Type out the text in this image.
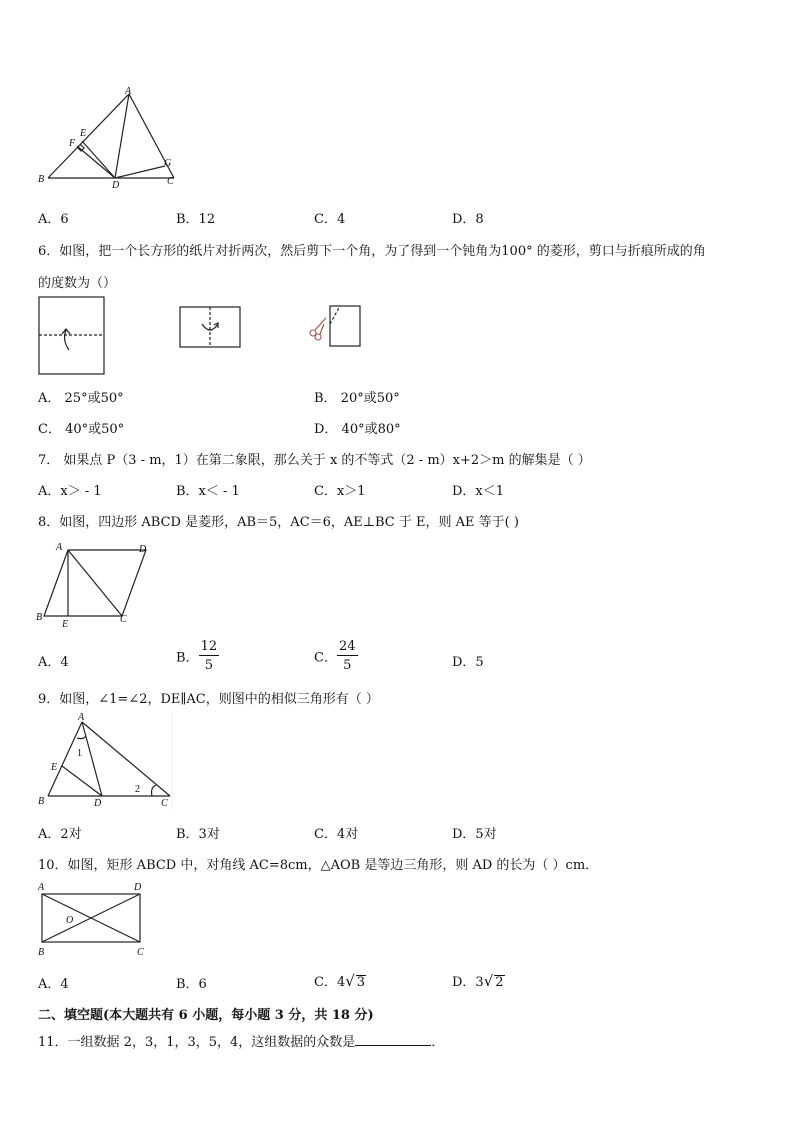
A
B	C
D
E
F
G
A．6	B．12	C．4	D．8
6．如图，把一个长方形的纸片对折两次，然后剪下一个角，为了得到一个钝角为100° 的菱形，剪口与折痕所成的角
的度数为（）
A． 25°或50°	B． 20°或50°
C． 40°或50°	D． 40°或80°
7． 如果点 P（3 - m，1）在第二象限，那么关于 x 的不等式（2 - m）x+2＞m 的解集是（ ）
A．x＞ - 1	B．x＜ - 1	C．x＞1	D．x＜1
8．如图，四边形 ABCD 是菱形，AB＝5，AC＝6，AE⊥BC 于 E，则 AE 等于( )
A	D
B
E	C
A．4	B． $\frac{12}{5}$	C． $\frac{24}{5}$	D．5
9．如图，∠1=∠2，DE∥AC，则图中的相似三角形有（ ）
A
E
B	D	C
1
2
A．2对	B．3对	C．4对	D．5对
10．如图，矩形 ABCD 中，对角线 AC=8cm，△AOB 是等边三角形，则 AD 的长为（ ）cm．
A	D
B	C
O
A．4	B．6	C．4√ 3	D．3√ 2
二、填空题(本大题共有 6 小题，每小题 3 分，共 18 分)
11．一组数据 2，3，1，3，5，4，这组数据的众数是	．
